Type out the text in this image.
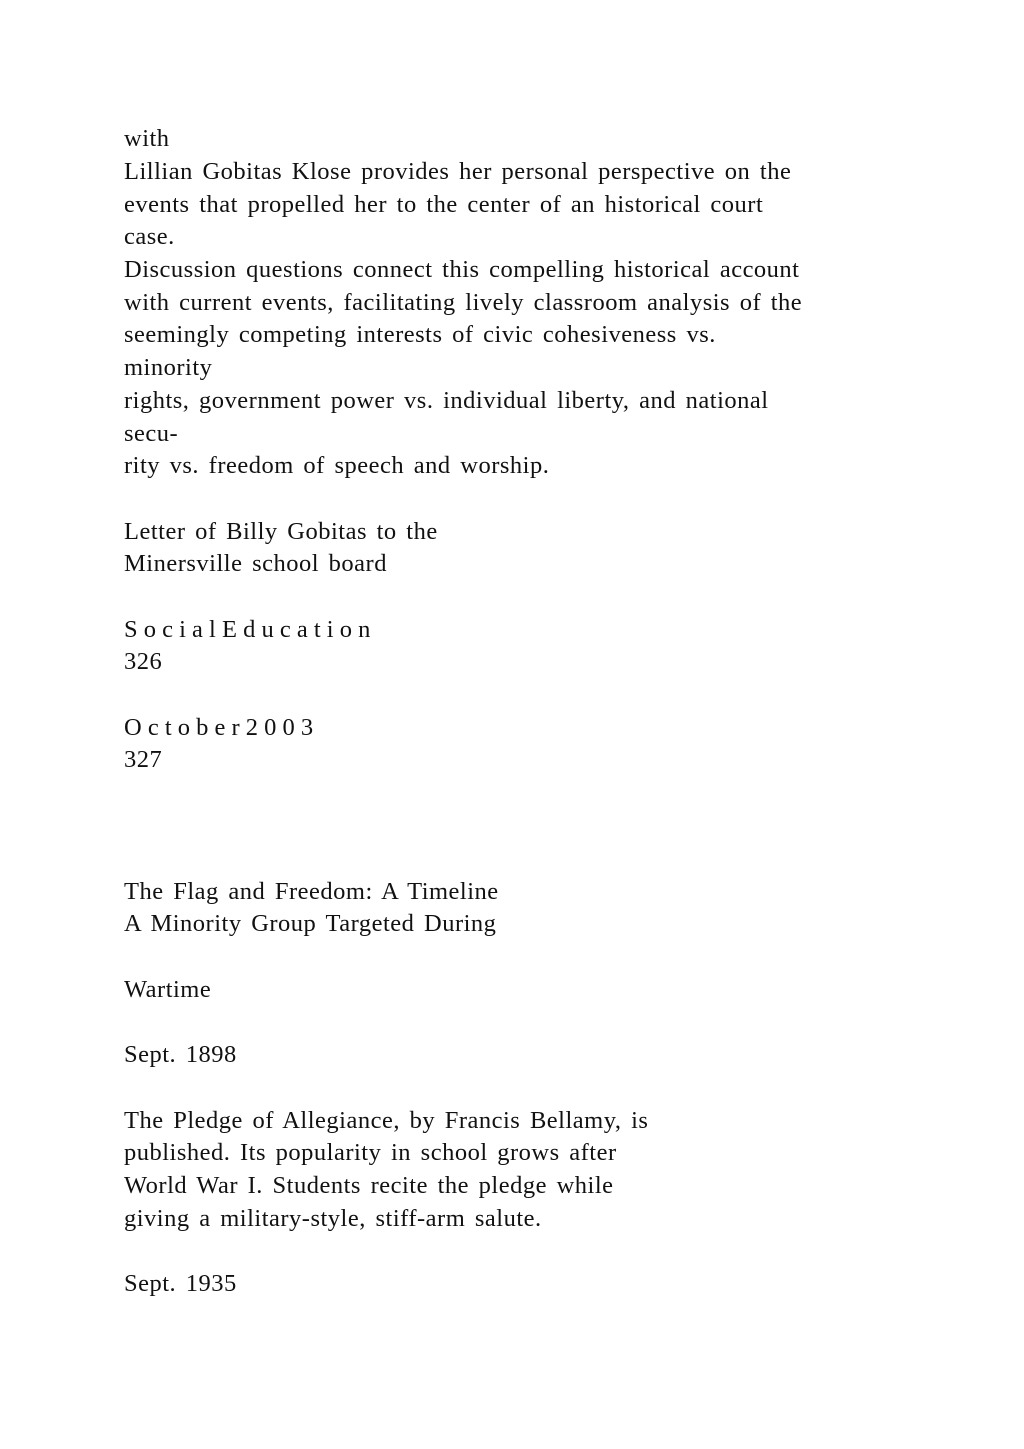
with

Lillian Gobitas Klose provides her personal perspective on the

events that propelled her to the center of an historical court

case.

Discussion questions connect this compelling historical account

with current events, facilitating lively classroom analysis of the

seemingly competing interests of civic cohesiveness vs.

minority

rights, government power vs. individual liberty, and national

secu-

rity vs. freedom of speech and worship.

Letter of Billy Gobitas to the

Minersville school board

S o c i a l E d u c a t i o n

326

O c t o b e r 2 0 0 3

327

The Flag and Freedom: A Timeline

A Minority Group Targeted During

Wartime

Sept. 1898

The Pledge of Allegiance, by Francis Bellamy, is

published. Its popularity in school grows after

World War I. Students recite the pledge while

giving a military-style, stiff-arm salute.

Sept. 1935
